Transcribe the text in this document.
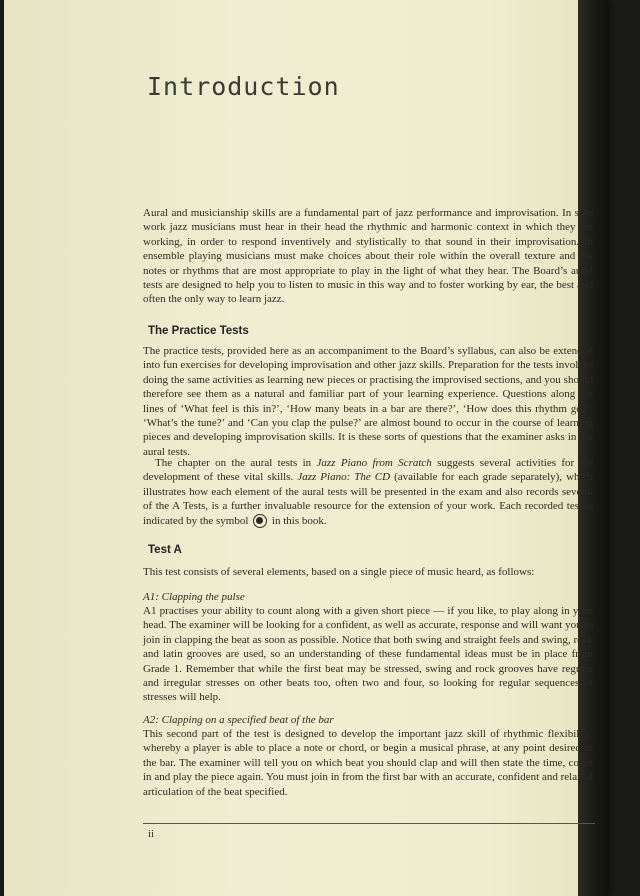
Introduction

Aural and musicianship skills are a fundamental part of jazz performance and improvisation. In solo work jazz musicians must hear in their head the rhythmic and harmonic context in which they are working, in order to respond inventively and stylistically to that sound in their improvisation. In ensemble playing musicians must make choices about their role within the overall texture and the notes or rhythms that are most appropriate to play in the light of what they hear. The Board’s aural tests are designed to help you to listen to music in this way and to foster working by ear, the best and often the only way to learn jazz.

The Practice Tests

The practice tests, provided here as an accompaniment to the Board’s syllabus, can also be extended into fun exercises for developing improvisation and other jazz skills. Preparation for the tests involves doing the same activities as learning new pieces or practising the improvised sections, and you should therefore see them as a natural and familiar part of your learning experience. Questions along the lines of ‘What feel is this in?’, ‘How many beats in a bar are there?’, ‘How does this rhythm go?’, ‘What’s the tune?’ and ‘Can you clap the pulse?’ are almost bound to occur in the course of learning pieces and developing improvisation skills. It is these sorts of questions that the examiner asks in the aural tests.

The chapter on the aural tests in Jazz Piano from Scratch suggests several activities for the development of these vital skills. Jazz Piano: The CD (available for each grade separately), which illustrates how each element of the aural tests will be presented in the exam and also records several of the A Tests, is a further invaluable resource for the extension of your work. Each recorded test is indicated by the symbol  in this book.

Test A

This test consists of several elements, based on a single piece of music heard, as follows:

A1: Clapping the pulse

A1 practises your ability to count along with a given short piece — if you like, to play along in your head. The examiner will be looking for a confident, as well as accurate, response and will want you to join in clapping the beat as soon as possible. Notice that both swing and straight feels and swing, rock and latin grooves are used, so an understanding of these fundamental ideas must be in place from Grade 1. Remember that while the first beat may be stressed, swing and rock grooves have regular and irregular stresses on other beats too, often two and four, so looking for regular sequences of stresses will help.

A2: Clapping on a specified beat of the bar

This second part of the test is designed to develop the important jazz skill of rhythmic flexibility, whereby a player is able to place a note or chord, or begin a musical phrase, at any point desired in the bar. The examiner will tell you on which beat you should clap and will then state the time, count in and play the piece again. You must join in from the first bar with an accurate, confident and relaxed articulation of the beat specified.

ii
